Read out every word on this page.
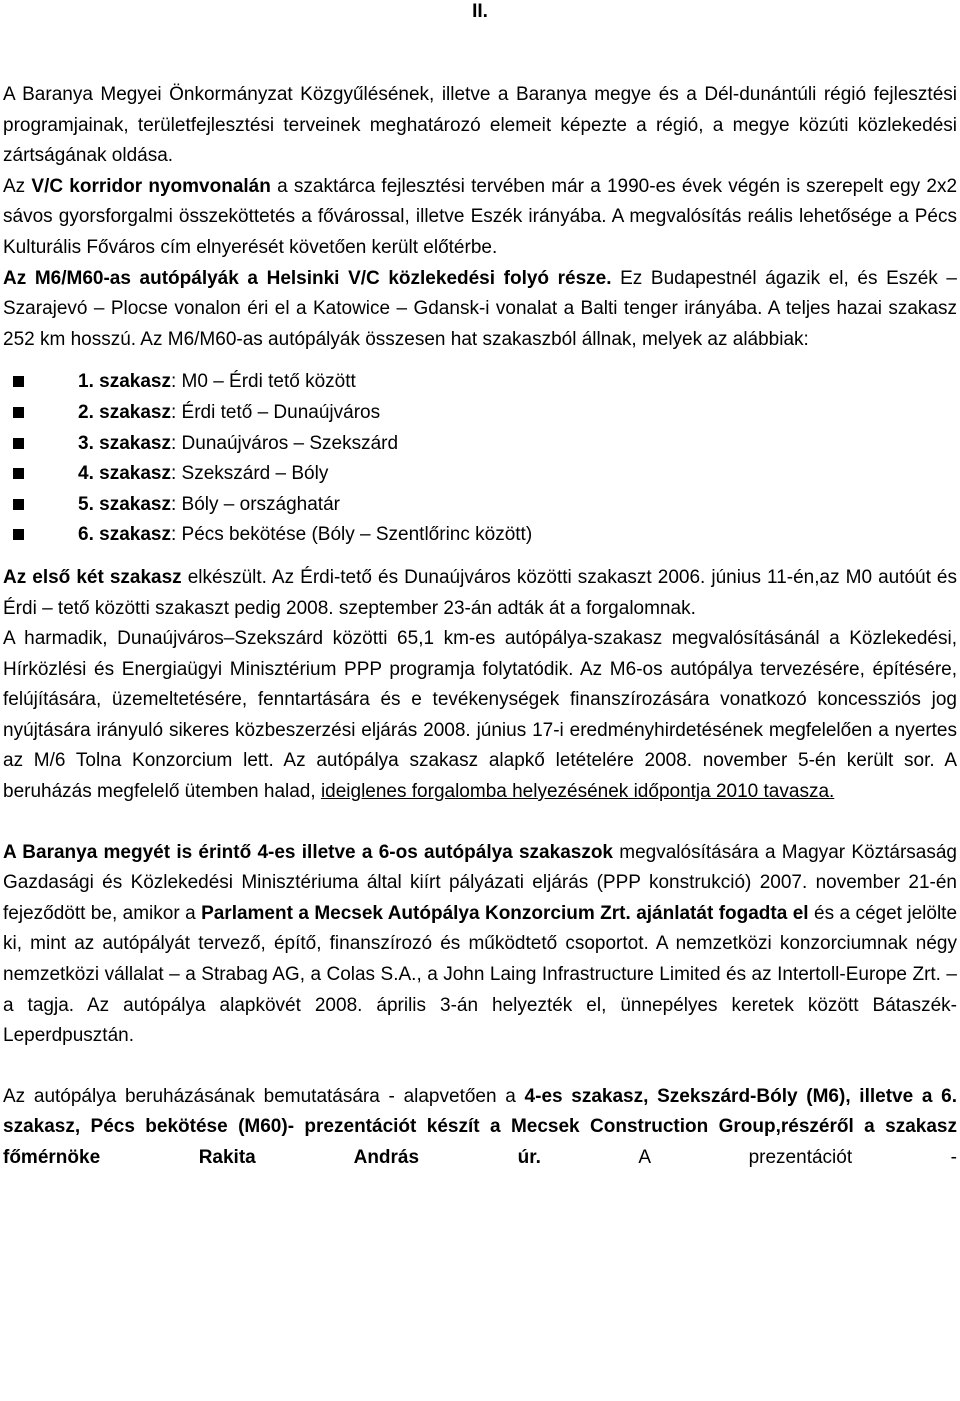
II.

A Baranya Megyei Önkormányzat Közgyűlésének, illetve a Baranya megye és a Dél-dunántúli régió fejlesztési programjainak, területfejlesztési terveinek meghatározó elemeit képezte a régió, a megye közúti közlekedési zártságának oldása.
Az V/C korridor nyomvonalán a szaktárca fejlesztési tervében már a 1990-es évek végén is szerepelt egy 2x2 sávos gyorsforgalmi összeköttetés a fővárossal, illetve Eszék irányába. A megvalósítás reális lehetősége a Pécs Kulturális Főváros cím elnyerését követően került előtérbe.
Az M6/M60-as autópályák a Helsinki V/C közlekedési folyó része. Ez Budapestnél ágazik el, és Eszék – Szarajevó – Plocse vonalon éri el a Katowice – Gdansk-i vonalat a Balti tenger irányába. A teljes hazai szakasz 252 km hosszú. Az M6/M60-as autópályák összesen hat szakaszból állnak, melyek az alábbiak:

1. szakasz: M0 – Érdi tető között
2. szakasz: Érdi tető – Dunaújváros
3. szakasz: Dunaújváros – Szekszárd
4. szakasz: Szekszárd – Bóly
5. szakasz: Bóly – országhatár
6. szakasz: Pécs bekötése (Bóly – Szentlőrinc között)

Az első két szakasz elkészült. Az Érdi-tető és Dunaújváros közötti szakaszt 2006. június 11-én,az M0 autóút és Érdi – tető közötti szakaszt pedig 2008. szeptember 23-án adták át a forgalomnak.
A harmadik, Dunaújváros–Szekszárd közötti 65,1 km-es autópálya-szakasz megvalósításánál a Közlekedési, Hírközlési és Energiaügyi Minisztérium PPP programja folytatódik. Az M6-os autópálya tervezésére, építésére, felújítására, üzemeltetésére, fenntartására és e tevékenységek finanszírozására vonatkozó koncessziós jog nyújtására irányuló sikeres közbeszerzési eljárás 2008. június 17-i eredményhirdetésének megfelelően a nyertes az M/6 Tolna Konzorcium lett. Az autópálya szakasz alapkő letételére 2008. november 5-én került sor. A beruházás megfelelő ütemben halad, ideiglenes forgalomba helyezésének időpontja 2010 tavasza.

A Baranya megyét is érintő 4-es illetve a 6-os autópálya szakaszok megvalósítására a Magyar Köztársaság Gazdasági és Közlekedési Minisztériuma által kiírt pályázati eljárás (PPP konstrukció) 2007. november 21-én fejeződött be, amikor a Parlament a Mecsek Autópálya Konzorcium Zrt. ajánlatát fogadta el és a céget jelölte ki, mint az autópályát tervező, építő, finanszírozó és működtető csoportot. A nemzetközi konzorciumnak négy nemzetközi vállalat – a Strabag AG, a Colas S.A., a John Laing Infrastructure Limited és az Intertoll-Europe Zrt. – a tagja. Az autópálya alapkövét 2008. április 3-án helyezték el, ünnepélyes keretek között Bátaszék-Leperdpusztán.

Az autópálya beruházásának bemutatására - alapvetően a 4-es szakasz, Szekszárd-Bóly (M6), illetve a 6. szakasz, Pécs bekötése (M60)- prezentációt készít a Mecsek Construction Group,részéről a szakasz főmérnöke Rakita András úr. A prezentációt -
